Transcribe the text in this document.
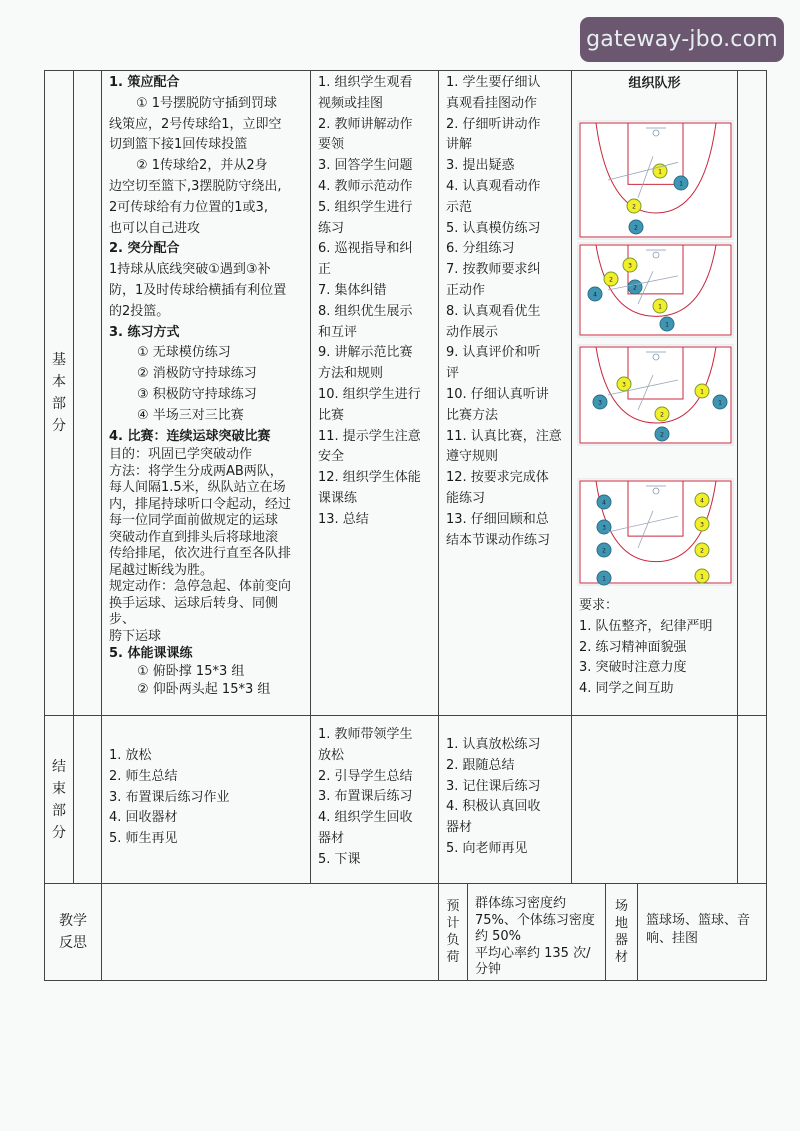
gateway-jbo.com
基
本
部
分
1. 策应配合
① 1号摆脱防守插到罚球
线策应，2号传球给1，立即空
切到篮下接1回传球投篮
② 1传球给2，并从2身
边空切至篮下,3摆脱防守绕出,
2可传球给有力位置的1或3,
也可以自己进攻
2. 突分配合
1持球从底线突破①遇到③补
防，1及时传球给横插有利位置
的2投篮。
3. 练习方式
① 无球模仿练习
② 消极防守持球练习
③ 积极防守持球练习
④ 半场三对三比赛
4. 比赛：连续运球突破比赛
目的：巩固已学突破动作
方法：将学生分成两AB两队，
每人间隔1.5米，纵队站立在场
内，排尾持球听口令起动，经过
每一位同学面前做规定的运球
突破动作直到排头后将球地滚
传给排尾，依次进行直至各队排
尾越过断线为胜。
规定动作：急停急起、体前变向
换手运球、运球后转身、同侧步、
胯下运球
5. 体能课课练
① 俯卧撑 15*3 组
② 仰卧两头起 15*3 组
1. 组织学生观看
视频或挂图
2. 教师讲解动作
要领
3. 回答学生问题
4. 教师示范动作
5. 组织学生进行
练习
6. 巡视指导和纠
正
7. 集体纠错
8. 组织优生展示
和互评
9. 讲解示范比赛
方法和规则
10. 组织学生进行
比赛
11. 提示学生注意
安全
12. 组织学生体能
课课练
13. 总结
1. 学生要仔细认
真观看挂图动作
2. 仔细听讲动作
讲解
3. 提出疑惑
4. 认真观看动作
示范
5. 认真模仿练习
6. 分组练习
7. 按教师要求纠
正动作
8. 认真观看优生
动作展示
9. 认真评价和听
评
10. 仔细认真听讲
比赛方法
11. 认真比赛，注意
遵守规则
12. 按要求完成体
能练习
13. 仔细回顾和总
结本节课动作练习
组织队形
1
1
2
2
3
2
2
4
1
1
3
3
1
1
2
2
4
3
2
1
4
3
2
1
要求：
1. 队伍整齐，纪律严明
2. 练习精神面貌强
3. 突破时注意力度
4. 同学之间互助
结
束
部
分
1. 放松
2. 师生总结
3. 布置课后练习作业
4. 回收器材
5. 师生再见
1. 教师带领学生
放松
2. 引导学生总结
3. 布置课后练习
4. 组织学生回收
器材
5. 下课
1. 认真放松练习
2. 跟随总结
3. 记住课后练习
4. 积极认真回收
器材
5. 向老师再见
教学
反思
预
计
负
荷
群体练习密度约
75%、个体练习密度
约 50%
平均心率约 135 次/
分钟
场
地
器
材
篮球场、篮球、音
响、挂图
